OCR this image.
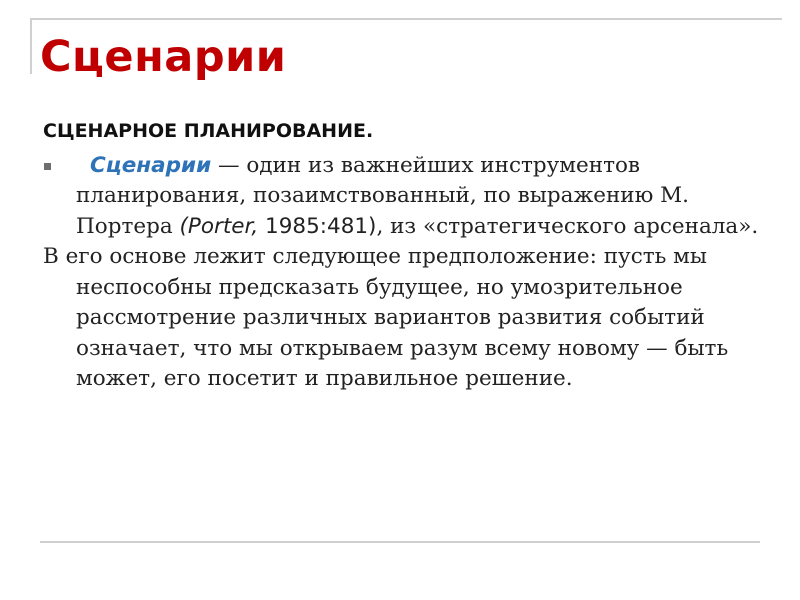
Сценарии
СЦЕНАРНОЕ ПЛАНИРОВАНИЕ.
Сценарии — один из важнейших инструментов планирования, позаимствованный, по выражению М. Портера (Porter, 1985:481), из «стратегического арсенала».

В его основе лежит следующее предположение: пусть мы неспособны предсказать будущее, но умозрительное рассмотрение различных вариантов развития событий означает, что мы открываем разум всему новому — быть может, его посетит и правильное решение.
